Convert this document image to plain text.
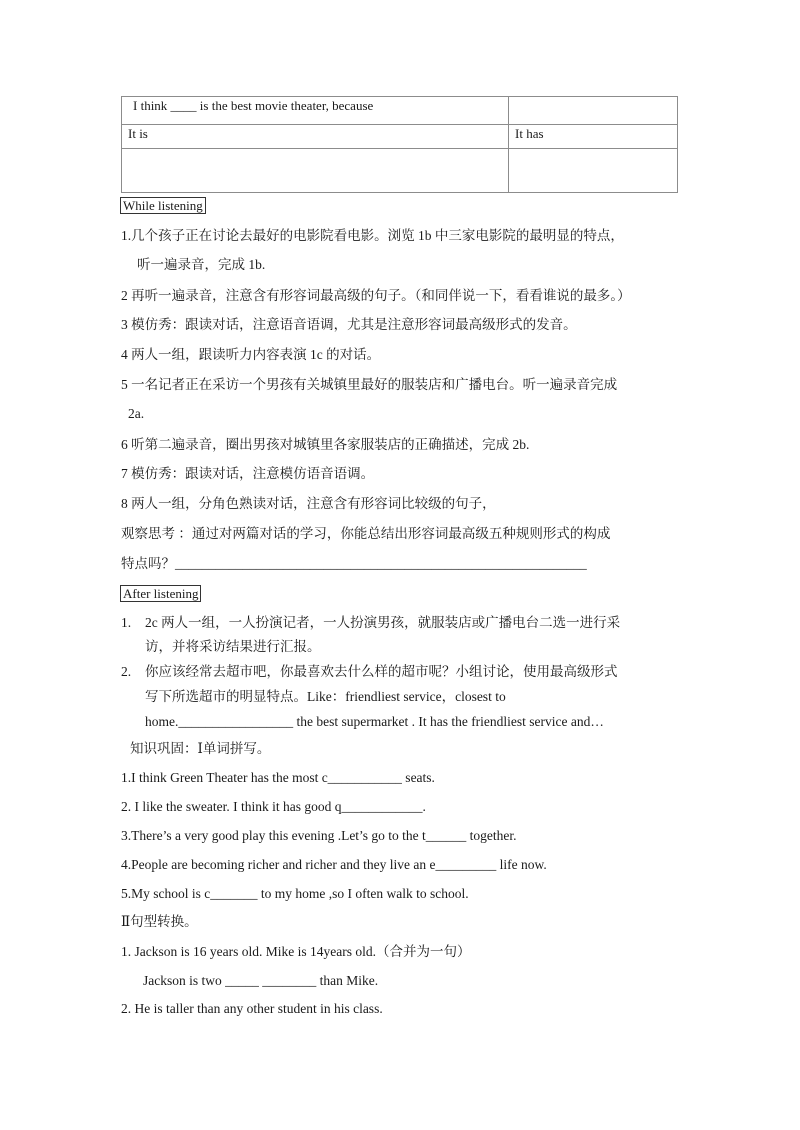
I think ____ is the best movie theater, because	
It is	It has

While listening
1.几个孩子正在讨论去最好的电影院看电影。浏览 1b 中三家电影院的最明显的特点，
听一遍录音，完成 1b.
2 再听一遍录音，注意含有形容词最高级的句子。（和同伴说一下，看看谁说的最多。）
3 模仿秀：跟读对话，注意语音语调，尤其是注意形容词最高级形式的发音。
4 两人一组，跟读听力内容表演 1c 的对话。
5 一名记者正在采访一个男孩有关城镇里最好的服装店和广播电台。听一遍录音完成
2a.
6 听第二遍录音，圈出男孩对城镇里各家服装店的正确描述，完成 2b.
7 模仿秀：跟读对话，注意模仿语音语调。
8 两人一组，分角色熟读对话，注意含有形容词比较级的句子，
观察思考 ：通过对两篇对话的学习，你能总结出形容词最高级五种规则形式的构成
特点吗？_____________________________________________________________
After listening
1. 2c 两人一组，一人扮演记者，一人扮演男孩，就服装店或广播电台二选一进行采
访，并将采访结果进行汇报。
2. 你应该经常去超市吧，你最喜欢去什么样的超市呢？小组讨论，使用最高级形式
写下所选超市的明显特点。Like：friendliest service，closest to
home._________________ the best supermarket . It has the friendliest service and…
知识巩固：Ⅰ单词拼写。
1.I think Green Theater has the most c___________ seats.
2. I like the sweater. I think it has good q____________.
3.There’s a very good play this evening .Let’s go to the t______ together.
4.People are becoming richer and richer and they live an e_________ life now.
5.My school is c_______ to my home ,so I often walk to school.
Ⅱ句型转换。
1. Jackson is 16 years old. Mike is 14years old.（合并为一句）
Jackson is two _____ ________ than Mike.
2. He is taller than any other student in his class.
